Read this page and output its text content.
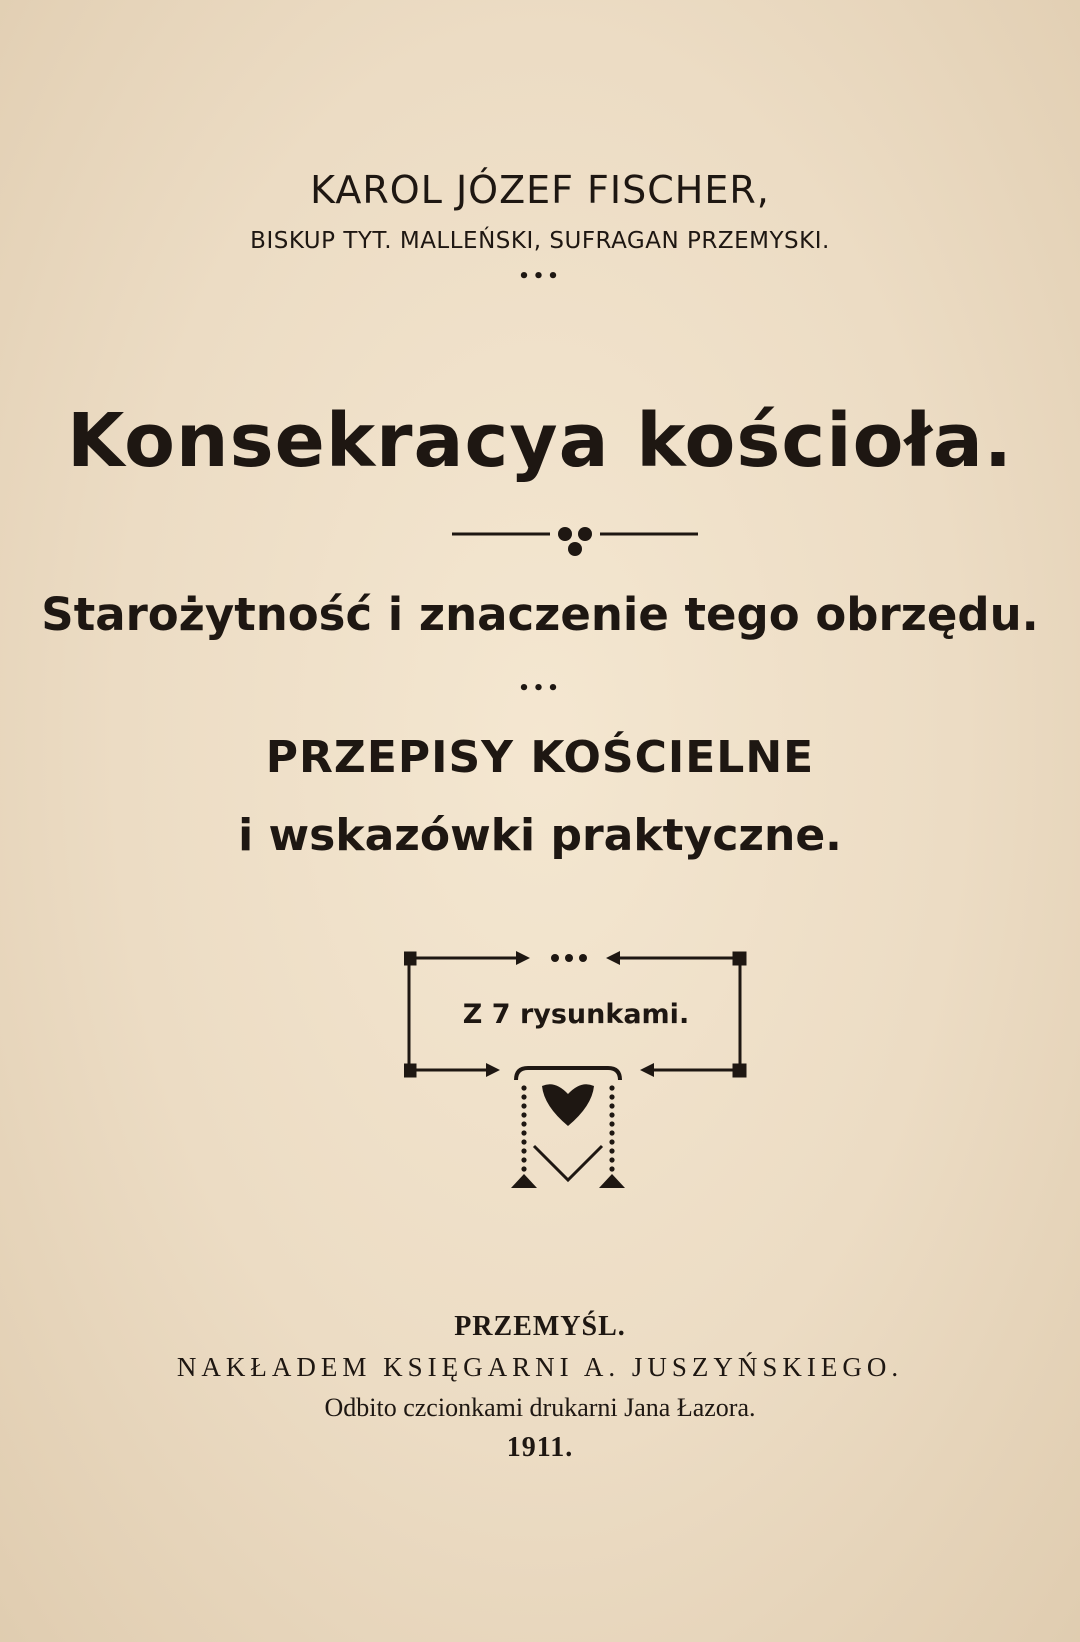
KAROL JÓZEF FISCHER,
BISKUP TYT. MALLEŃSKI, SUFRAGAN PRZEMYSKI.
•••
Konsekracya kościoła.
Starożytność i znaczenie tego obrzędu.
•••
PRZEPISY KOŚCIELNE
i wskazówki praktyczne.
Z 7 rysunkami.
PRZEMYŚL.
NAKŁADEM KSIĘGARNI A. JUSZYŃSKIEGO.
Odbito czcionkami drukarni Jana Łazora.
1911.
